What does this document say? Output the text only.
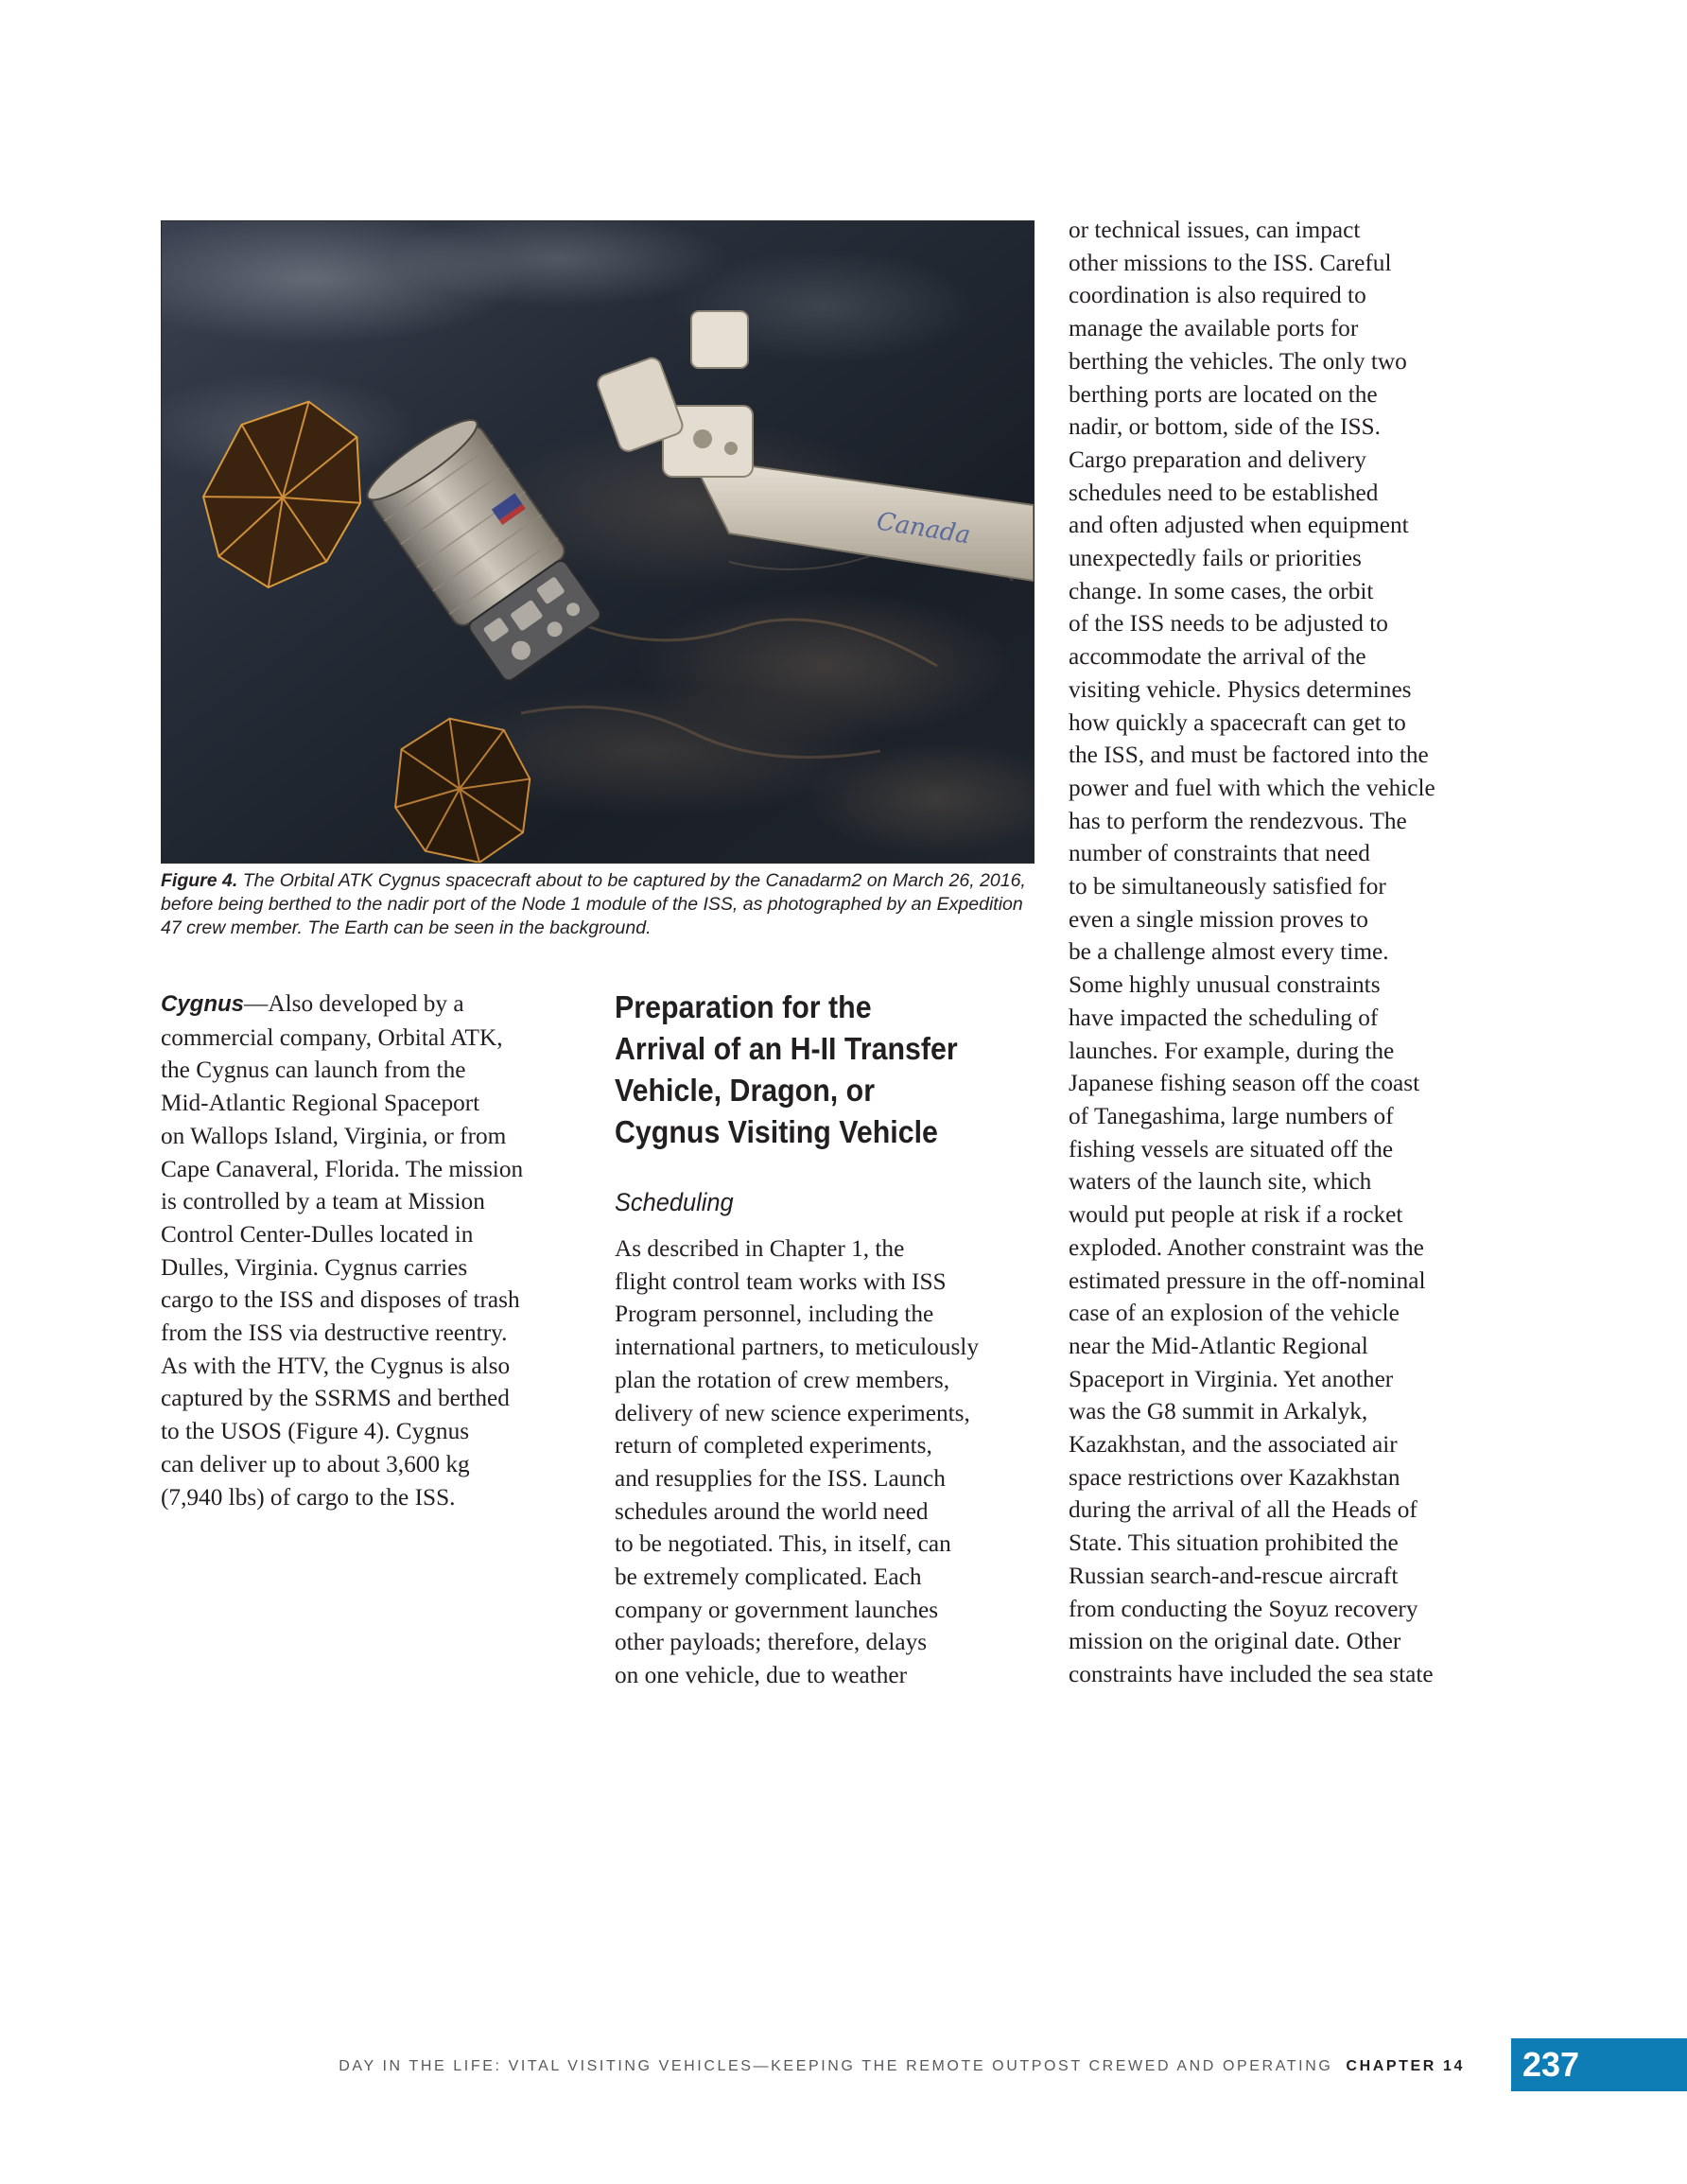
Canada
Figure 4. The Orbital ATK Cygnus spacecraft about to be captured by the Canadarm2 on March 26, 2016, before being berthed to the nadir port of the Node 1 module of the ISS, as photographed by an Expedition 47 crew member. The Earth can be seen in the background.
Cygnus—Also developed by a
commercial company, Orbital ATK,
the Cygnus can launch from the
Mid-Atlantic Regional Spaceport
on Wallops Island, Virginia, or from
Cape Canaveral, Florida. The mission
is controlled by a team at Mission
Control Center-Dulles located in
Dulles, Virginia. Cygnus carries
cargo to the ISS and disposes of trash
from the ISS via destructive reentry.
As with the HTV, the Cygnus is also
captured by the SSRMS and berthed
to the USOS (Figure 4). Cygnus
can deliver up to about 3,600 kg
(7,940 lbs) of cargo to the ISS.
Preparation for the
Arrival of an H-II Transfer
Vehicle, Dragon, or
Cygnus Visiting Vehicle
Scheduling
As described in Chapter 1, the
flight control team works with ISS
Program personnel, including the
international partners, to meticulously
plan the rotation of crew members,
delivery of new science experiments,
return of completed experiments,
and resupplies for the ISS. Launch
schedules around the world need
to be negotiated. This, in itself, can
be extremely complicated. Each
company or government launches
other payloads; therefore, delays
on one vehicle, due to weather
or technical issues, can impact
other missions to the ISS. Careful
coordination is also required to
manage the available ports for
berthing the vehicles. The only two
berthing ports are located on the
nadir, or bottom, side of the ISS.
Cargo preparation and delivery
schedules need to be established
and often adjusted when equipment
unexpectedly fails or priorities
change. In some cases, the orbit
of the ISS needs to be adjusted to
accommodate the arrival of the
visiting vehicle. Physics determines
how quickly a spacecraft can get to
the ISS, and must be factored into the
power and fuel with which the vehicle
has to perform the rendezvous. The
number of constraints that need
to be simultaneously satisfied for
even a single mission proves to
be a challenge almost every time.
Some highly unusual constraints
have impacted the scheduling of
launches. For example, during the
Japanese fishing season off the coast
of Tanegashima, large numbers of
fishing vessels are situated off the
waters of the launch site, which
would put people at risk if a rocket
exploded. Another constraint was the
estimated pressure in the off-nominal
case of an explosion of the vehicle
near the Mid-Atlantic Regional
Spaceport in Virginia. Yet another
was the G8 summit in Arkalyk,
Kazakhstan, and the associated air
space restrictions over Kazakhstan
during the arrival of all the Heads of
State. This situation prohibited the
Russian search-and-rescue aircraft
from conducting the Soyuz recovery
mission on the original date. Other
constraints have included the sea state
DAY IN THE LIFE: VITAL VISITING VEHICLES—KEEPING THE REMOTE OUTPOST CREWED AND OPERATING CHAPTER 14 237
